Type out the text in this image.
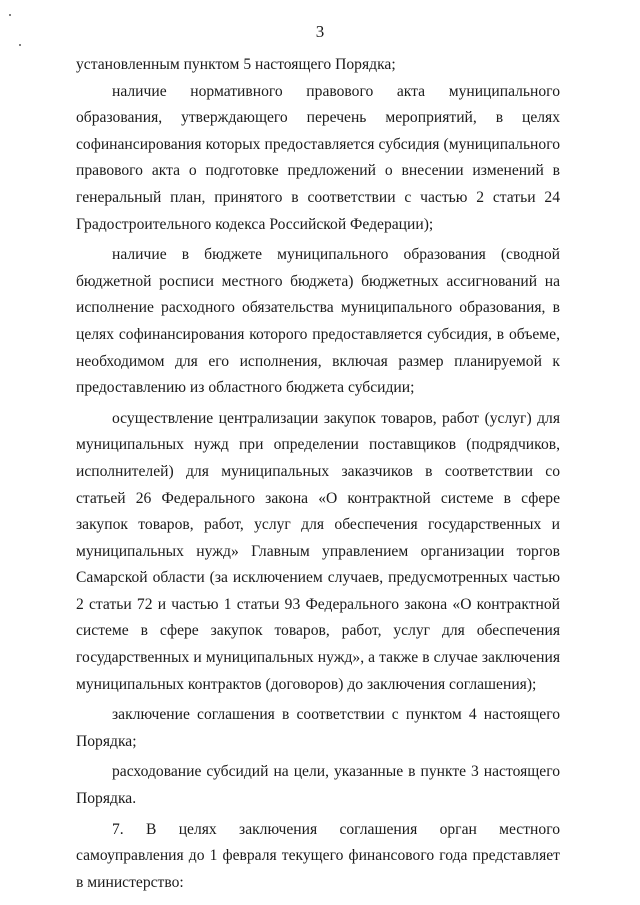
3

установленным пунктом 5 настоящего Порядка;

наличие нормативного правового акта муниципального образования, утверждающего перечень мероприятий, в целях софинансирования которых предоставляется субсидия (муниципального правового акта о подготовке предложений о внесении изменений в генеральный план, принятого в соответствии с частью 2 статьи 24 Градостроительного кодекса Российской Федерации);

наличие в бюджете муниципального образования (сводной бюджетной росписи местного бюджета) бюджетных ассигнований на исполнение расходного обязательства муниципального образования, в целях софинансирования которого предоставляется субсидия, в объеме, необходимом для его исполнения, включая размер планируемой к предоставлению из областного бюджета субсидии;

осуществление централизации закупок товаров, работ (услуг) для муниципальных нужд при определении поставщиков (подрядчиков, исполнителей) для муниципальных заказчиков в соответствии со статьей 26 Федерального закона «О контрактной системе в сфере закупок товаров, работ, услуг для обеспечения государственных и муниципальных нужд» Главным управлением организации торгов Самарской области (за исключением случаев, предусмотренных частью 2 статьи 72 и частью 1 статьи 93 Федерального закона «О контрактной системе в сфере закупок товаров, работ, услуг для обеспечения государственных и муниципальных нужд», а также в случае заключения муниципальных контрактов (договоров) до заключения соглашения);

заключение соглашения в соответствии с пунктом 4 настоящего Порядка;

расходование субсидий на цели, указанные в пункте 3 настоящего Порядка.

7. В целях заключения соглашения орган местного самоуправления до 1 февраля текущего финансового года представляет в министерство:
